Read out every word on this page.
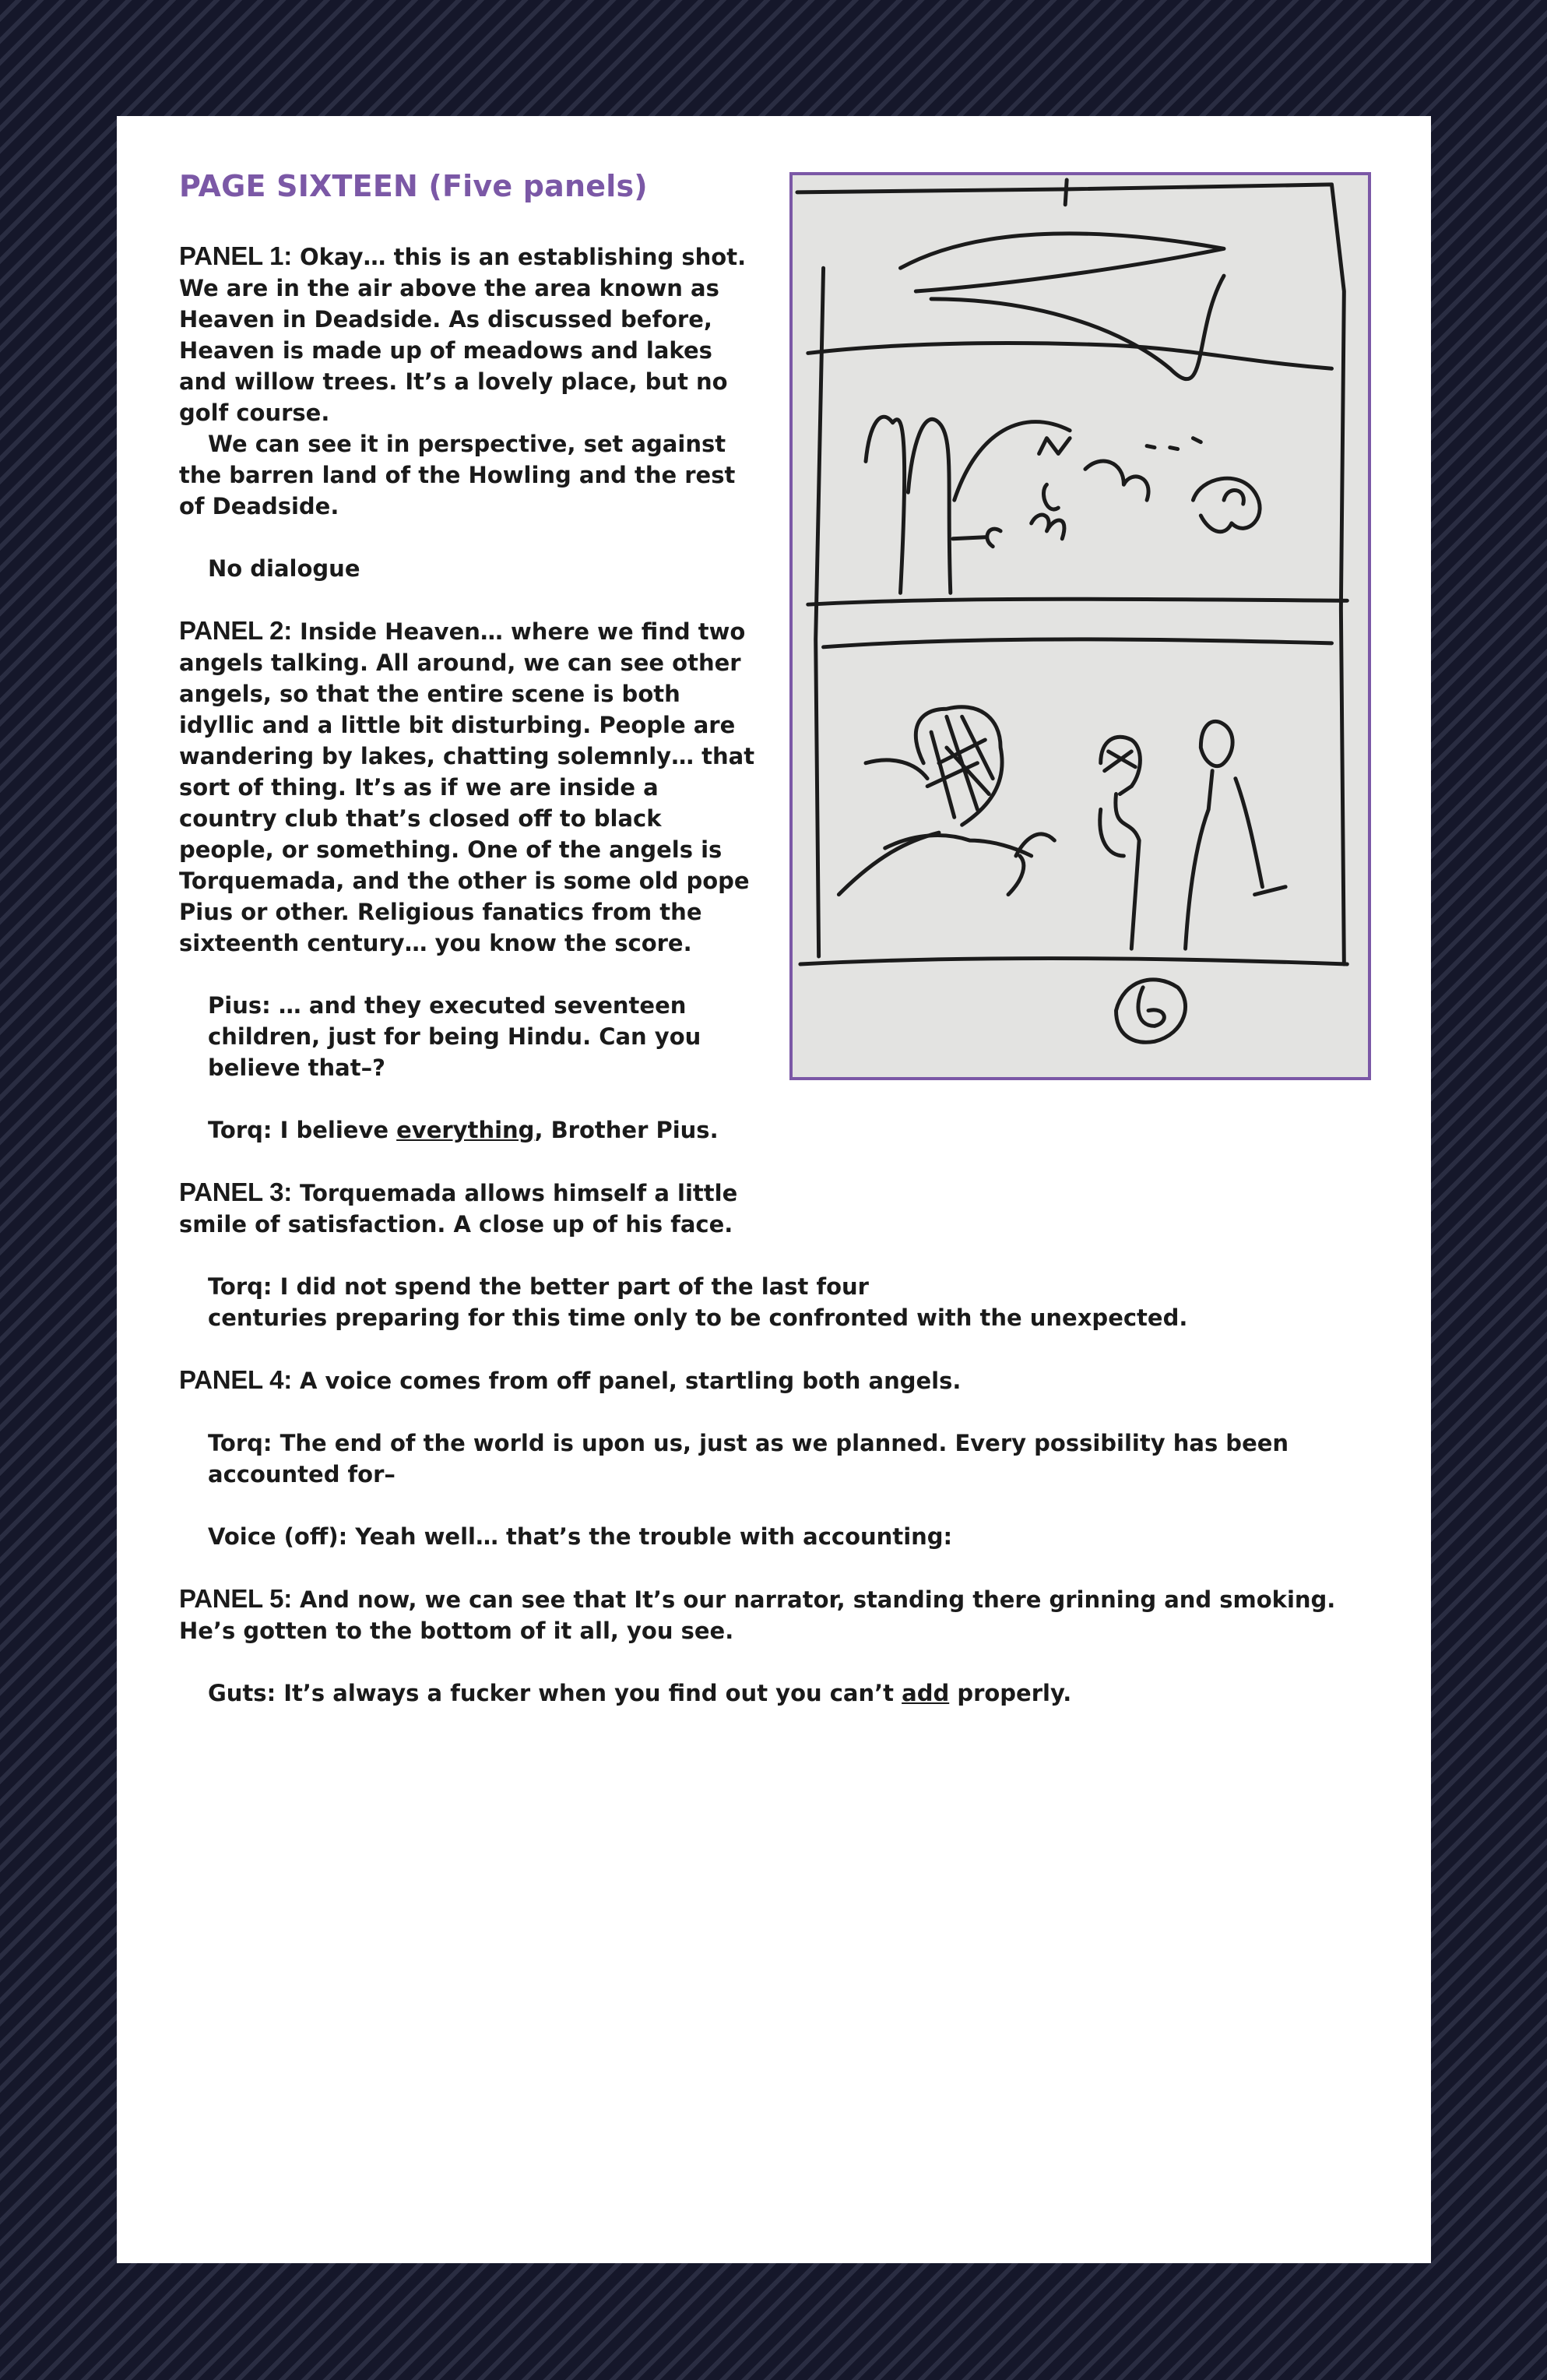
PAGE SIXTEEN (Five panels)

PANEL 1: Okay… this is an establishing shot. We are in the air above the area known as Heaven in Deadside. As discussed before, Heaven is made up of meadows and lakes and willow trees. It’s a lovely place, but no golf course.

We can see it in perspective, set against the barren land of the Howling and the rest of Deadside.

No dialogue

PANEL 2: Inside Heaven… where we find two angels talking. All around, we can see other angels, so that the entire scene is both idyllic and a little bit disturbing. People are wandering by lakes, chatting solemnly… that sort of thing. It’s as if we are inside a country club that’s closed off to black people, or something. One of the angels is Torquemada, and the other is some old pope Pius or other. Religious fanatics from the sixteenth century… you know the score.

Pius: … and they executed seventeen children, just for being Hindu. Can you believe that–?

Torq: I believe everything, Brother Pius.

PANEL 3: Torquemada allows himself a little smile of satisfaction. A close up of his face.

Torq: I did not spend the better part of the last four

centuries preparing for this time only to be confronted with the unexpected.

PANEL 4: A voice comes from off panel, startling both angels.

Torq: The end of the world is upon us, just as we planned. Every possibility has been accounted for–

Voice (off): Yeah well… that’s the trouble with accounting:

PANEL 5: And now, we can see that It’s our narrator, standing there grinning and smoking. He’s gotten to the bottom of it all, you see.

Guts: It’s always a fucker when you find out you can’t add properly.
